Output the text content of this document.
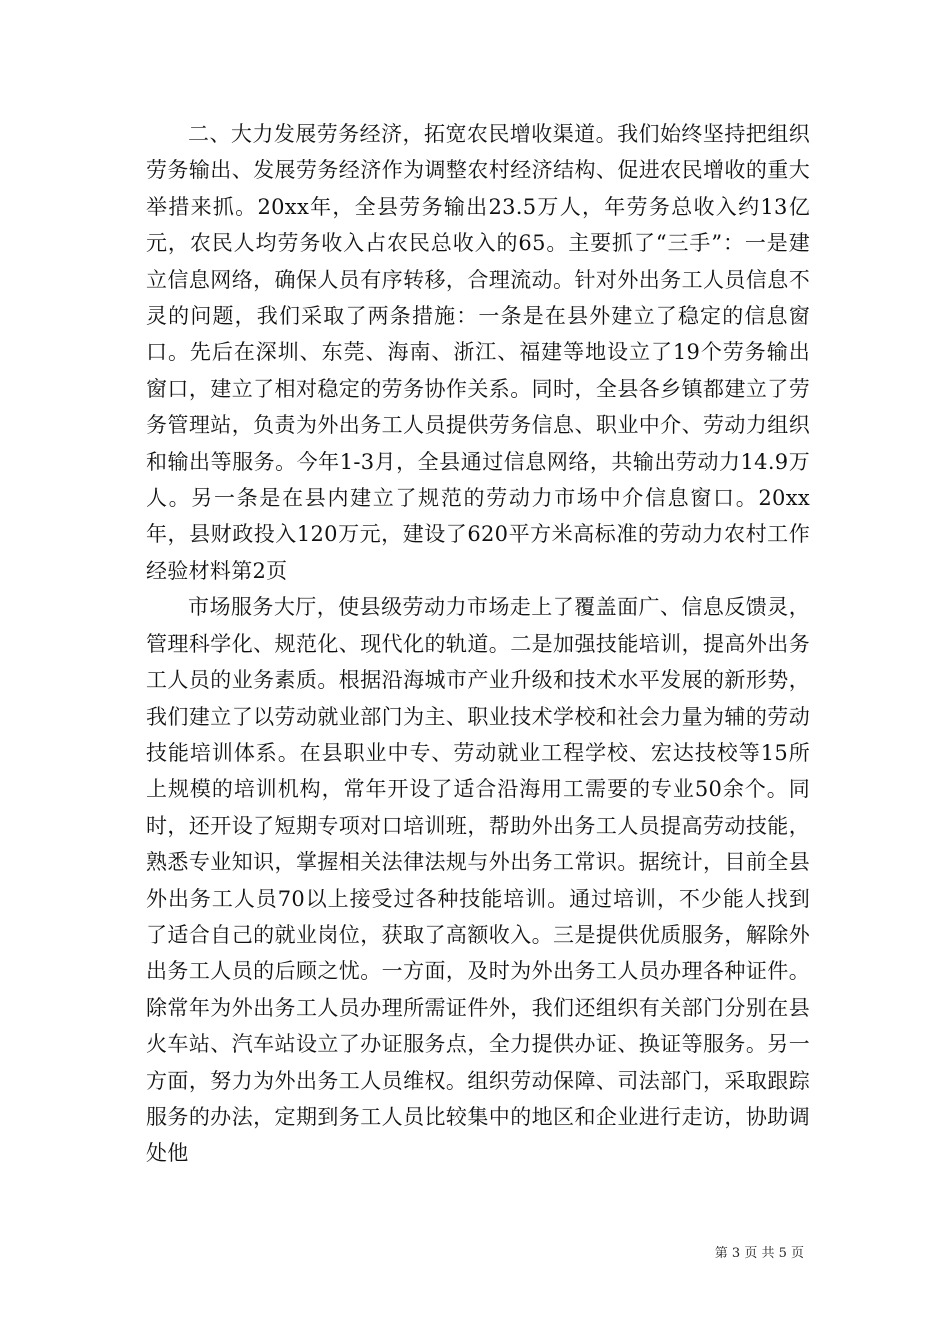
二、大力发展劳务经济，拓宽农民增收渠道。我们始终坚持把组织劳务输出、发展劳务经济作为调整农村经济结构、促进农民增收的重大举措来抓。20xx年，全县劳务输出23.5万人，年劳务总收入约13亿元，农民人均劳务收入占农民总收入的65。主要抓了“三手”：一是建立信息网络，确保人员有序转移，合理流动。针对外出务工人员信息不灵的问题，我们采取了两条措施：一条是在县外建立了稳定的信息窗口。先后在深圳、东莞、海南、浙江、福建等地设立了19个劳务输出窗口，建立了相对稳定的劳务协作关系。同时，全县各乡镇都建立了劳务管理站，负责为外出务工人员提供劳务信息、职业中介、劳动力组织和输出等服务。今年1-3月，全县通过信息网络，共输出劳动力14.9万人。另一条是在县内建立了规范的劳动力市场中介信息窗口。20xx年，县财政投入120万元，建设了620平方米高标准的劳动力农村工作经验材料第2页

市场服务大厅，使县级劳动力市场走上了覆盖面广、信息反馈灵，管理科学化、规范化、现代化的轨道。二是加强技能培训，提高外出务工人员的业务素质。根据沿海城市产业升级和技术水平发展的新形势，我们建立了以劳动就业部门为主、职业技术学校和社会力量为辅的劳动技能培训体系。在县职业中专、劳动就业工程学校、宏达技校等15所上规模的培训机构，常年开设了适合沿海用工需要的专业50余个。同时，还开设了短期专项对口培训班，帮助外出务工人员提高劳动技能，熟悉专业知识，掌握相关法律法规与外出务工常识。据统计，目前全县外出务工人员70以上接受过各种技能培训。通过培训，不少能人找到了适合自己的就业岗位，获取了高额收入。三是提供优质服务，解除外出务工人员的后顾之忧。一方面，及时为外出务工人员办理各种证件。除常年为外出务工人员办理所需证件外，我们还组织有关部门分别在县火车站、汽车站设立了办证服务点，全力提供办证、换证等服务。另一方面，努力为外出务工人员维权。组织劳动保障、司法部门，采取跟踪服务的办法，定期到务工人员比较集中的地区和企业进行走访，协助调处他

第 3 页 共 5 页
